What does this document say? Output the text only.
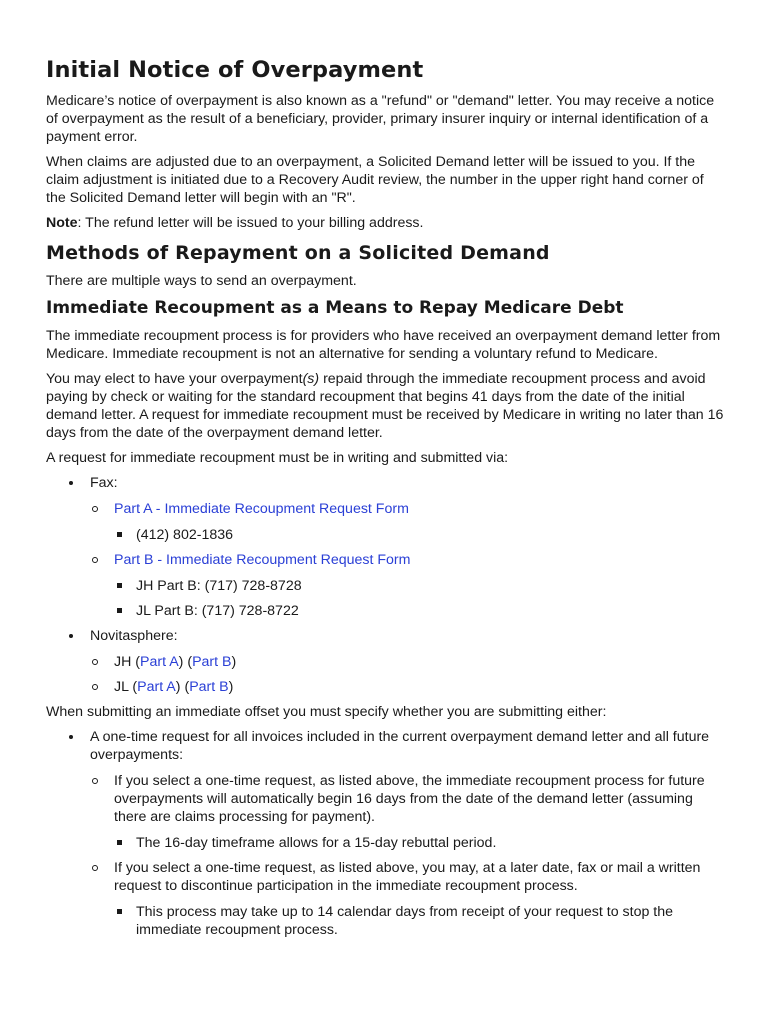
Initial Notice of Overpayment

Medicare’s notice of overpayment is also known as a "refund" or "demand" letter. You may receive a notice of overpayment as the result of a beneficiary, provider, primary insurer inquiry or internal identification of a payment error.

When claims are adjusted due to an overpayment, a Solicited Demand letter will be issued to you. If the claim adjustment is initiated due to a Recovery Audit review, the number in the upper right hand corner of the Solicited Demand letter will begin with an "R".

Note: The refund letter will be issued to your billing address.

Methods of Repayment on a Solicited Demand

There are multiple ways to send an overpayment.

Immediate Recoupment as a Means to Repay Medicare Debt

The immediate recoupment process is for providers who have received an overpayment demand letter from Medicare. Immediate recoupment is not an alternative for sending a voluntary refund to Medicare.

You may elect to have your overpayment(s) repaid through the immediate recoupment process and avoid paying by check or waiting for the standard recoupment that begins 41 days from the date of the initial demand letter. A request for immediate recoupment must be received by Medicare in writing no later than 16 days from the date of the overpayment demand letter.

A request for immediate recoupment must be in writing and submitted via:

Fax:
Part A - Immediate Recoupment Request Form
(412) 802-1836
Part B - Immediate Recoupment Request Form
JH Part B: (717) 728-8728
JL Part B: (717) 728-8722
Novitasphere:
JH (Part A) (Part B)
JL (Part A) (Part B)

When submitting an immediate offset you must specify whether you are submitting either:

A one-time request for all invoices included in the current overpayment demand letter and all future overpayments:
If you select a one-time request, as listed above, the immediate recoupment process for future overpayments will automatically begin 16 days from the date of the demand letter (assuming there are claims processing for payment).
The 16-day timeframe allows for a 15-day rebuttal period.
If you select a one-time request, as listed above, you may, at a later date, fax or mail a written request to discontinue participation in the immediate recoupment process.
This process may take up to 14 calendar days from receipt of your request to stop the immediate recoupment process.
